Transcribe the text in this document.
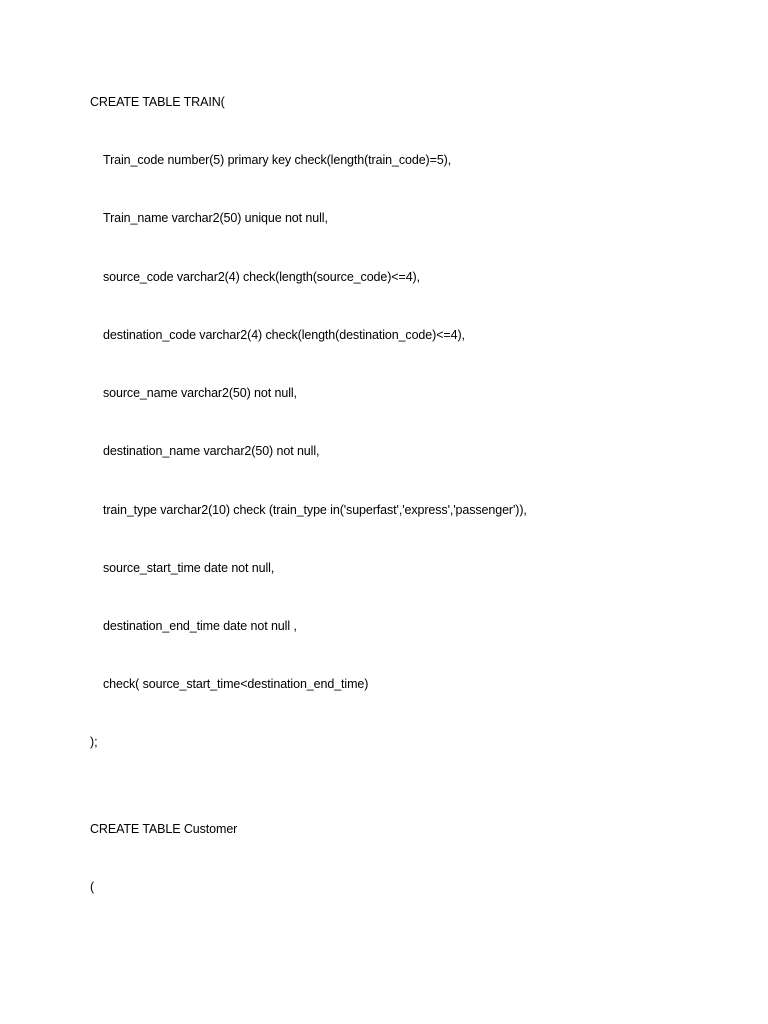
CREATE TABLE TRAIN(
Train_code number(5) primary key check(length(train_code)=5),
Train_name varchar2(50) unique not null,
source_code varchar2(4) check(length(source_code)<=4),
destination_code varchar2(4) check(length(destination_code)<=4),
source_name varchar2(50) not null,
destination_name varchar2(50) not null,
train_type varchar2(10) check (train_type in('superfast','express','passenger')),
source_start_time date not null,
destination_end_time date not null ,
check( source_start_time<destination_end_time)
);
CREATE TABLE Customer
(
